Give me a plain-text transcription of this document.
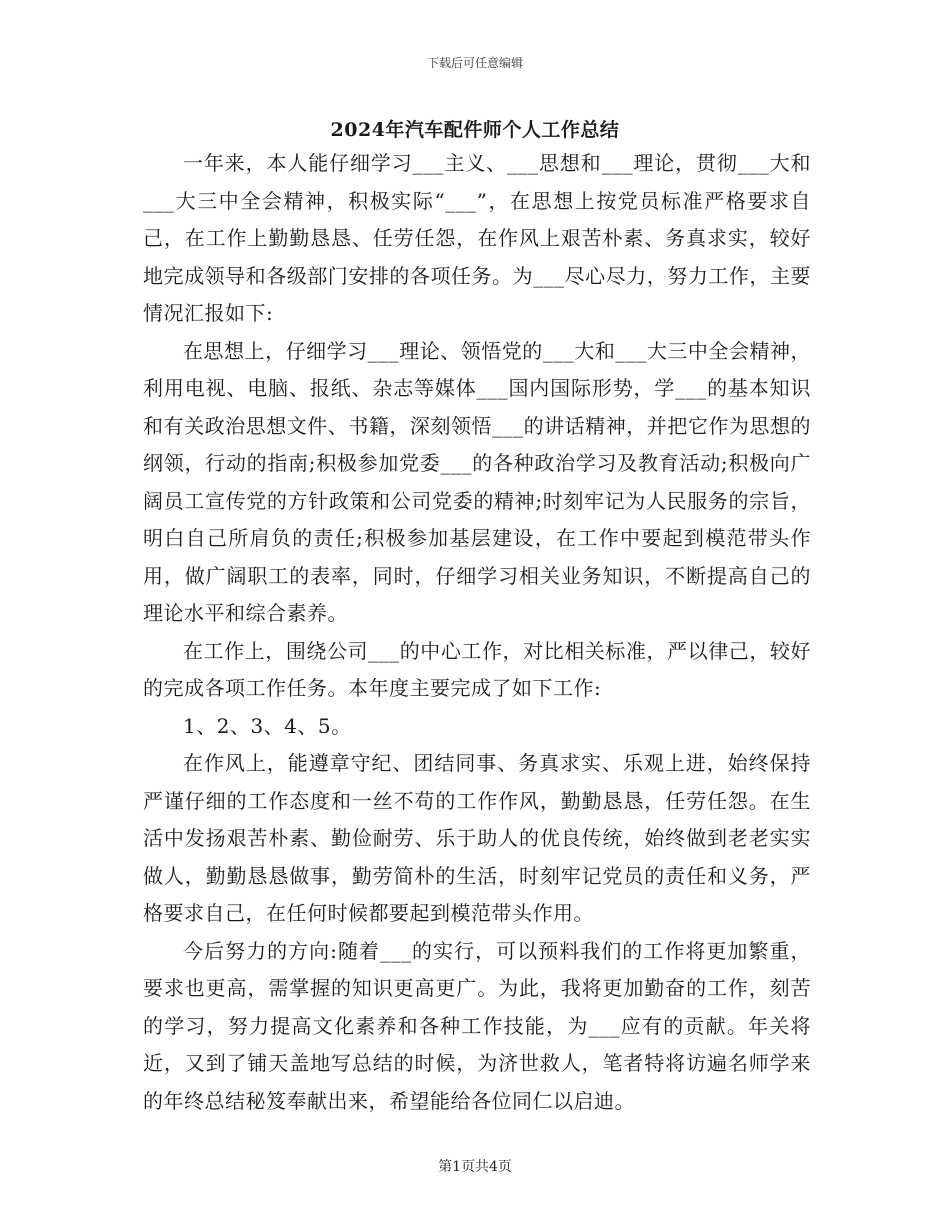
下载后可任意编辑
2024年汽车配件师个人工作总结

一年来，本人能仔细学习___主义、___思想和___理论，贯彻___大和___大三中全会精神，积极实际“___”，在思想上按党员标准严格要求自己，在工作上勤勤恳恳、任劳任怨，在作风上艰苦朴素、务真求实，较好地完成领导和各级部门安排的各项任务。为___尽心尽力，努力工作，主要情况汇报如下:

在思想上，仔细学习___理论、领悟党的___大和___大三中全会精神，利用电视、电脑、报纸、杂志等媒体___国内国际形势，学___的基本知识和有关政治思想文件、书籍，深刻领悟___的讲话精神，并把它作为思想的纲领，行动的指南;积极参加党委___的各种政治学习及教育活动;积极向广阔员工宣传党的方针政策和公司党委的精神;时刻牢记为人民服务的宗旨，明白自己所肩负的责任;积极参加基层建设，在工作中要起到模范带头作用，做广阔职工的表率，同时，仔细学习相关业务知识，不断提高自己的理论水平和综合素养。

在工作上，围绕公司___的中心工作，对比相关标准，严以律己，较好的完成各项工作任务。本年度主要完成了如下工作:

1、2、3、4、5。

在作风上，能遵章守纪、团结同事、务真求实、乐观上进，始终保持严谨仔细的工作态度和一丝不苟的工作作风，勤勤恳恳，任劳任怨。在生活中发扬艰苦朴素、勤俭耐劳、乐于助人的优良传统，始终做到老老实实做人，勤勤恳恳做事，勤劳简朴的生活，时刻牢记党员的责任和义务，严格要求自己，在任何时候都要起到模范带头作用。

今后努力的方向:随着___的实行，可以预料我们的工作将更加繁重，要求也更高，需掌握的知识更高更广。为此，我将更加勤奋的工作，刻苦的学习，努力提高文化素养和各种工作技能，为___应有的贡献。年关将近，又到了铺天盖地写总结的时候，为济世救人，笔者特将访遍名师学来的年终总结秘笈奉献出来，希望能给各位同仁以启迪。

第1页共4页
